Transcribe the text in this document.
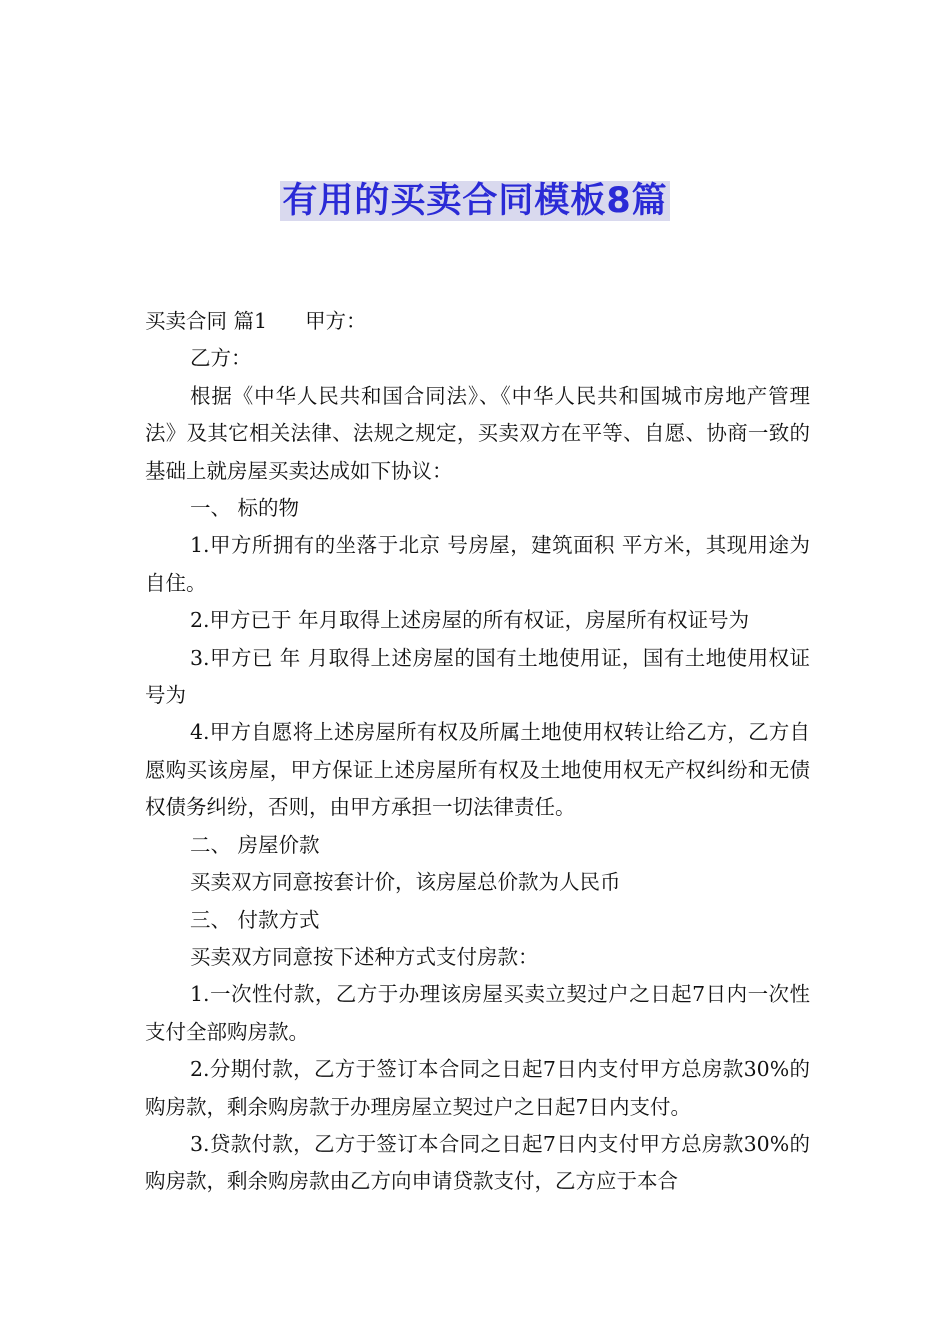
有用的买卖合同模板8篇

买卖合同 篇1 甲方：

乙方：

根据《中华人民共和国合同法》、《中华人民共和国城市房地产管理法》及其它相关法律、法规之规定，买卖双方在平等、自愿、协商一致的基础上就房屋买卖达成如下协议：

一、 标的物

1.甲方所拥有的坐落于北京 号房屋，建筑面积 平方米，其现用途为自住。

2.甲方已于 年月取得上述房屋的所有权证，房屋所有权证号为

3.甲方已 年 月取得上述房屋的国有土地使用证，国有土地使用权证号为

4.甲方自愿将上述房屋所有权及所属土地使用权转让给乙方，乙方自愿购买该房屋，甲方保证上述房屋所有权及土地使用权无产权纠纷和无债权债务纠纷，否则，由甲方承担一切法律责任。

二、 房屋价款

买卖双方同意按套计价，该房屋总价款为人民币

三、 付款方式

买卖双方同意按下述种方式支付房款：

1.一次性付款，乙方于办理该房屋买卖立契过户之日起7日内一次性支付全部购房款。

2.分期付款，乙方于签订本合同之日起7日内支付甲方总房款30%的购房款，剩余购房款于办理房屋立契过户之日起7日内支付。

3.贷款付款，乙方于签订本合同之日起7日内支付甲方总房款30%的购房款，剩余购房款由乙方向申请贷款支付，乙方应于本合
